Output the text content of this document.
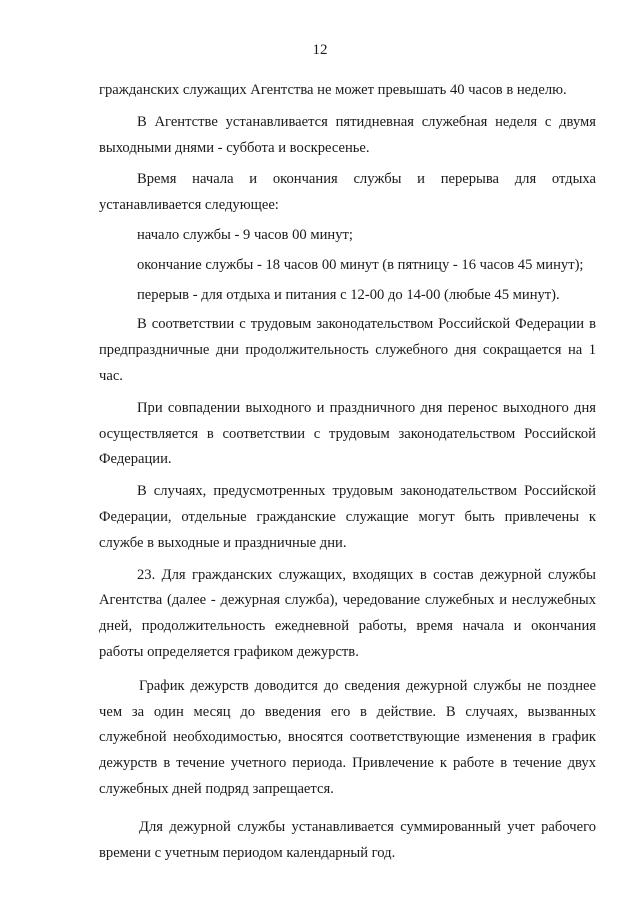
12

гражданских служащих Агентства не может превышать 40 часов в неделю.

В Агентстве устанавливается пятидневная служебная неделя с двумя выходными днями - суббота и воскресенье.

Время начала и окончания службы и перерыва для отдыха устанавливается следующее:

начало службы - 9 часов 00 минут;

окончание службы - 18 часов 00 минут (в пятницу - 16 часов 45 минут);

перерыв - для отдыха и питания с 12-00 до 14-00 (любые 45 минут).

В соответствии с трудовым законодательством Российской Федерации в предпраздничные дни продолжительность служебного дня сокращается на 1 час.

При совпадении выходного и праздничного дня перенос выходного дня осуществляется в соответствии с трудовым законодательством Российской Федерации.

В случаях, предусмотренных трудовым законодательством Российской Федерации, отдельные гражданские служащие могут быть привлечены к службе в выходные и праздничные дни.

23. Для гражданских служащих, входящих в состав дежурной службы Агентства (далее - дежурная служба), чередование служебных и неслужебных дней, продолжительность ежедневной работы, время начала и окончания работы определяется графиком дежурств.

График дежурств доводится до сведения дежурной службы не позднее чем за один месяц до введения его в действие. В случаях, вызванных служебной необходимостью, вносятся соответствующие изменения в график дежурств в течение учетного периода. Привлечение к работе в течение двух служебных дней подряд запрещается.

Для дежурной службы устанавливается суммированный учет рабочего времени с учетным периодом календарный год.
